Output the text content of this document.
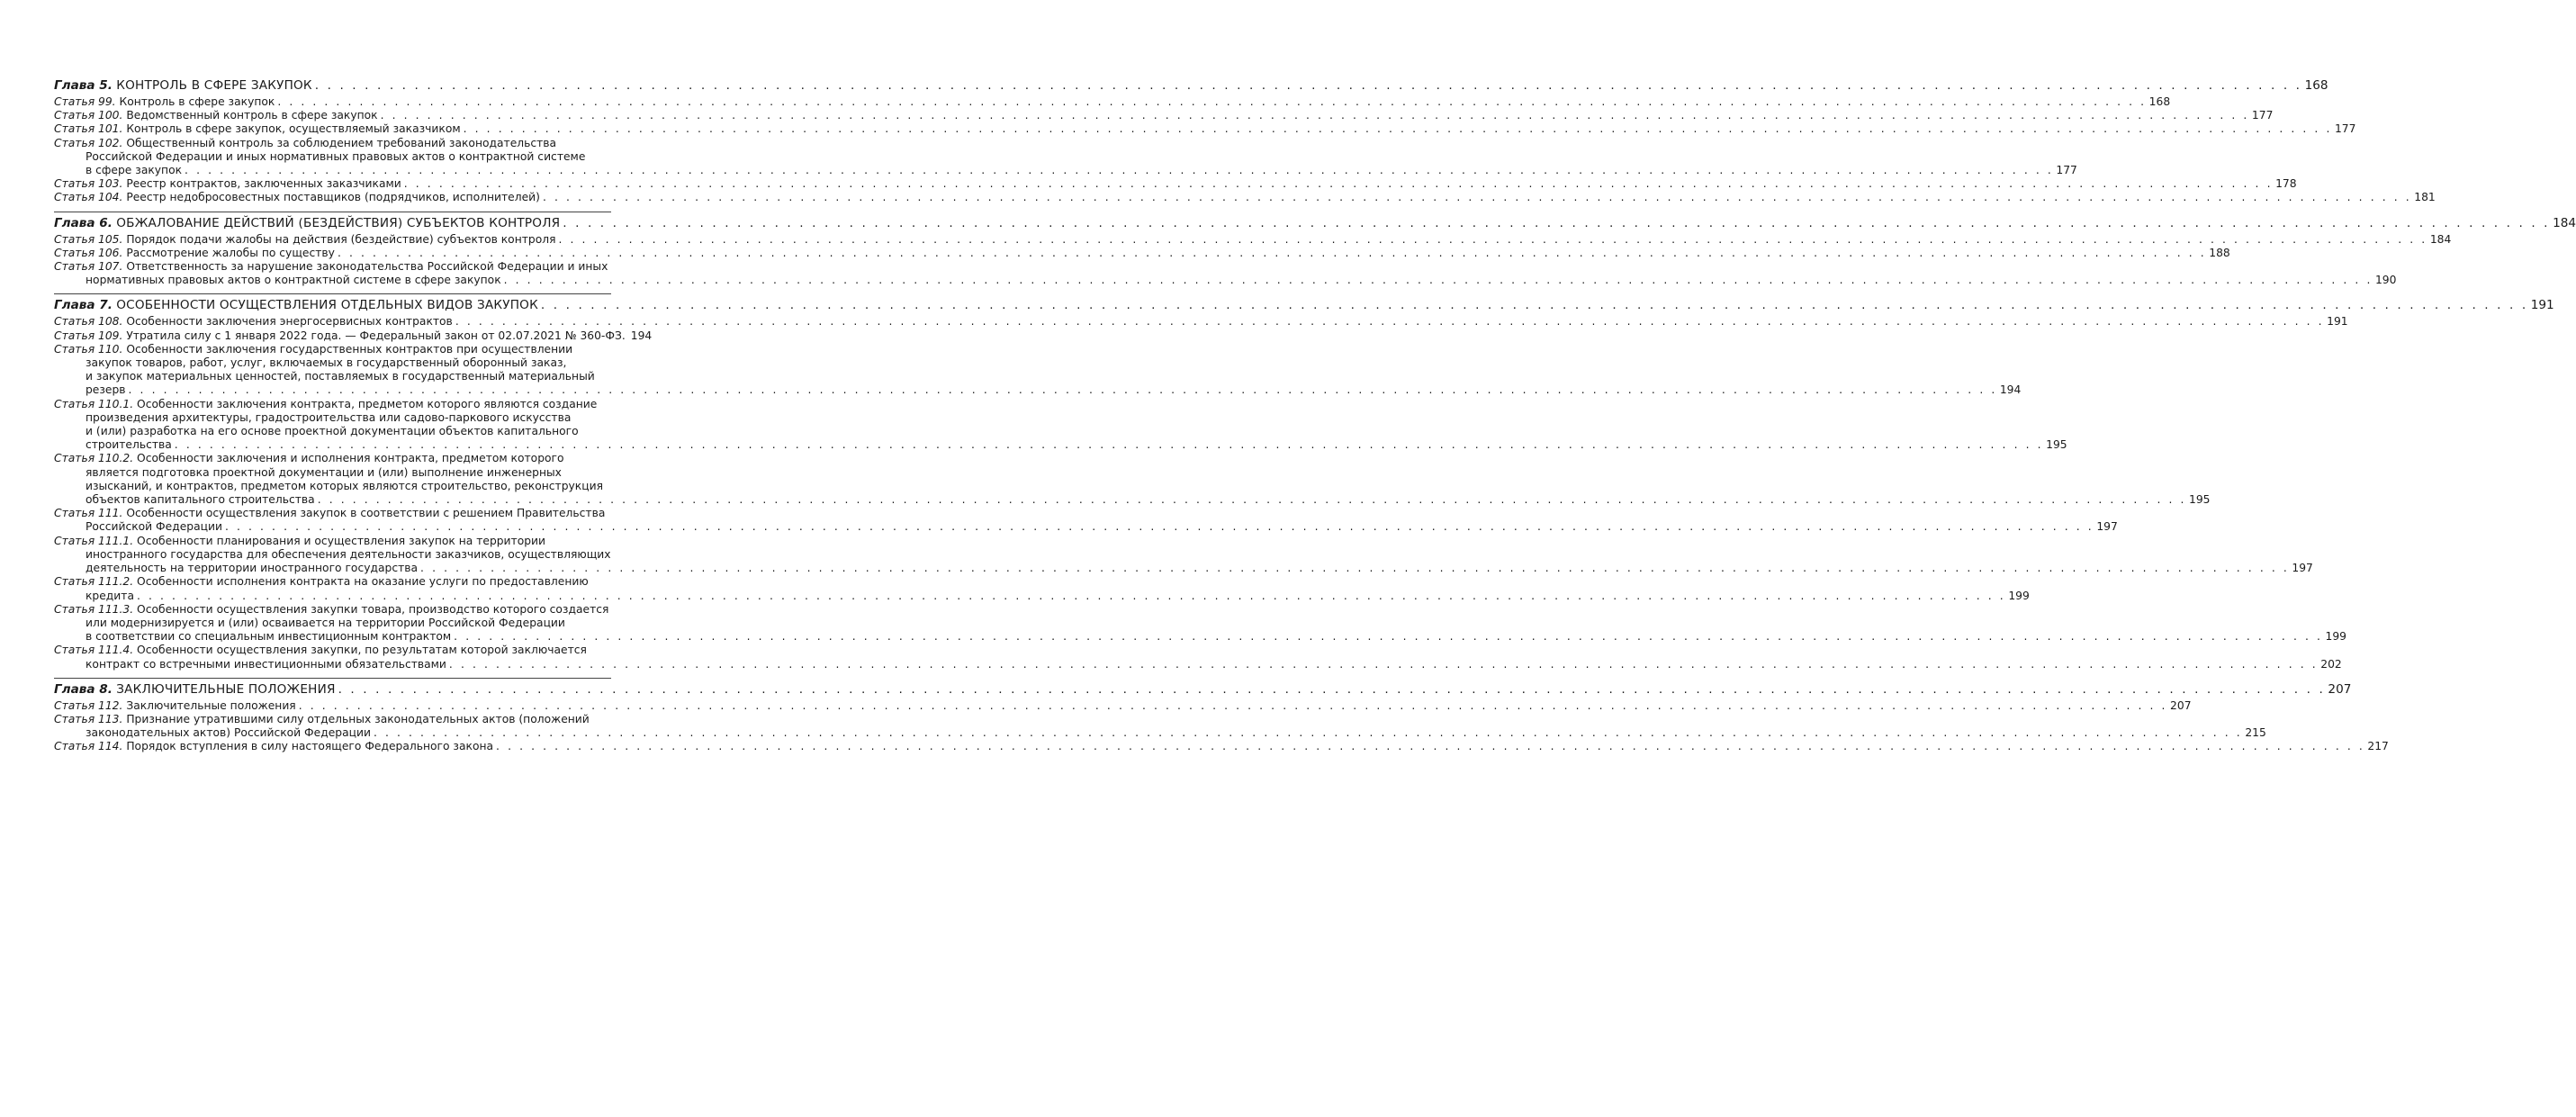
Глава 5.
КОНТРОЛЬ В СФЕРЕ ЗАКУПОК . . . . . . . . . . . . . . . . . . . . . . . . . . . . . . . . . . . . . . . . . . . . . . . . . . . . . . . . . . . . . . . . . . . . . . . . . . . . . . . . . . . . . . . . . . . . . . . . . . . . . . . . . . . . . . . . . . . . . . . . . . . . . . . . . . . . . . . . . . . . . . . . . . . . . . . . . . . . . . . . 168
Статья 99.
Контроль в сфере закупок . . . . . . . . . . . . . . . . . . . . . . . . . . . . . . . . . . . . . . . . . . . . . . . . . . . . . . . . . . . . . . . . . . . . . . . . . . . . . . . . . . . . . . . . . . . . . . . . . . . . . . . . . . . . . . . . . . . . . . . . . . . . . . . . . . . . . . . . . . . . . . . . . . . . . . . . . . . . . . . . 168
Статья 100.
Ведомственный контроль в сфере закупок . . . . . . . . . . . . . . . . . . . . . . . . . . . . . . . . . . . . . . . . . . . . . . . . . . . . . . . . . . . . . . . . . . . . . . . . . . . . . . . . . . . . . . . . . . . . . . . . . . . . . . . . . . . . . . . . . . . . . . . . . . . . . . . . . . . . . . . . . . . . . . . . . . . . . . . . . . . . . . . . 177
Статья 101.
Контроль в сфере закупок, осуществляемый заказчиком . . . . . . . . . . . . . . . . . . . . . . . . . . . . . . . . . . . . . . . . . . . . . . . . . . . . . . . . . . . . . . . . . . . . . . . . . . . . . . . . . . . . . . . . . . . . . . . . . . . . . . . . . . . . . . . . . . . . . . . . . . . . . . . . . . . . . . . . . . . . . . . . . . . . . . . . . . . . . . . . 177
Статья 102.
Общественный контроль за соблюдением требований законодательства
Российской Федерации и иных нормативных правовых актов о контрактной системе
в сфере закупок . . . . . . . . . . . . . . . . . . . . . . . . . . . . . . . . . . . . . . . . . . . . . . . . . . . . . . . . . . . . . . . . . . . . . . . . . . . . . . . . . . . . . . . . . . . . . . . . . . . . . . . . . . . . . . . . . . . . . . . . . . . . . . . . . . . . . . . . . . . . . . . . . . . . . . . . . . . . . . . . 177
Статья 103.
Реестр контрактов, заключенных заказчиками . . . . . . . . . . . . . . . . . . . . . . . . . . . . . . . . . . . . . . . . . . . . . . . . . . . . . . . . . . . . . . . . . . . . . . . . . . . . . . . . . . . . . . . . . . . . . . . . . . . . . . . . . . . . . . . . . . . . . . . . . . . . . . . . . . . . . . . . . . . . . . . . . . . . . . . . . . . . . . . . 178
Статья 104.
Реестр недобросовестных поставщиков (подрядчиков, исполнителей) . . . . . . . . . . . . . . . . . . . . . . . . . . . . . . . . . . . . . . . . . . . . . . . . . . . . . . . . . . . . . . . . . . . . . . . . . . . . . . . . . . . . . . . . . . . . . . . . . . . . . . . . . . . . . . . . . . . . . . . . . . . . . . . . . . . . . . . . . . . . . . . . . . . . . . . . . . . . . . . . 181
Глава 6.
ОБЖАЛОВАНИЕ ДЕЙСТВИЙ (БЕЗДЕЙСТВИЯ) СУБЪЕКТОВ КОНТРОЛЯ . . . . . . . . . . . . . . . . . . . . . . . . . . . . . . . . . . . . . . . . . . . . . . . . . . . . . . . . . . . . . . . . . . . . . . . . . . . . . . . . . . . . . . . . . . . . . . . . . . . . . . . . . . . . . . . . . . . . . . . . . . . . . . . . . . . . . . . . . . . . . . . . . . . . . . . . . . . . . . . . 184
Статья 105.
Порядок подачи жалобы на действия (бездействие) субъектов контроля . . . . . . . . . . . . . . . . . . . . . . . . . . . . . . . . . . . . . . . . . . . . . . . . . . . . . . . . . . . . . . . . . . . . . . . . . . . . . . . . . . . . . . . . . . . . . . . . . . . . . . . . . . . . . . . . . . . . . . . . . . . . . . . . . . . . . . . . . . . . . . . . . . . . . . . . . . . . . . . . 184
Статья 106.
Рассмотрение жалобы по существу . . . . . . . . . . . . . . . . . . . . . . . . . . . . . . . . . . . . . . . . . . . . . . . . . . . . . . . . . . . . . . . . . . . . . . . . . . . . . . . . . . . . . . . . . . . . . . . . . . . . . . . . . . . . . . . . . . . . . . . . . . . . . . . . . . . . . . . . . . . . . . . . . . . . . . . . . . . . . . . . 188
Статья 107.
Ответственность за нарушение законодательства Российской Федерации и иных
нормативных правовых актов о контрактной системе в сфере закупок . . . . . . . . . . . . . . . . . . . . . . . . . . . . . . . . . . . . . . . . . . . . . . . . . . . . . . . . . . . . . . . . . . . . . . . . . . . . . . . . . . . . . . . . . . . . . . . . . . . . . . . . . . . . . . . . . . . . . . . . . . . . . . . . . . . . . . . . . . . . . . . . . . . . . . . . . . . . . . . . 190
Глава 7.
ОСОБЕННОСТИ ОСУЩЕСТВЛЕНИЯ ОТДЕЛЬНЫХ ВИДОВ ЗАКУПОК . . . . . . . . . . . . . . . . . . . . . . . . . . . . . . . . . . . . . . . . . . . . . . . . . . . . . . . . . . . . . . . . . . . . . . . . . . . . . . . . . . . . . . . . . . . . . . . . . . . . . . . . . . . . . . . . . . . . . . . . . . . . . . . . . . . . . . . . . . . . . . . . . . . . . . . . . . . . . . . . 191
Статья 108.
Особенности заключения энергосервисных контрактов . . . . . . . . . . . . . . . . . . . . . . . . . . . . . . . . . . . . . . . . . . . . . . . . . . . . . . . . . . . . . . . . . . . . . . . . . . . . . . . . . . . . . . . . . . . . . . . . . . . . . . . . . . . . . . . . . . . . . . . . . . . . . . . . . . . . . . . . . . . . . . . . . . . . . . . . . . . . . . . . 191
Статья 109.
Утратила силу с 1 января 2022 года. — Федеральный закон от 02.07.2021 № 360-ФЗ. 194
Статья 110.
Особенности заключения государственных контрактов при осуществлении
закупок товаров, работ, услуг, включаемых в государственный оборонный заказ,
и закупок материальных ценностей, поставляемых в государственный материальный
резерв . . . . . . . . . . . . . . . . . . . . . . . . . . . . . . . . . . . . . . . . . . . . . . . . . . . . . . . . . . . . . . . . . . . . . . . . . . . . . . . . . . . . . . . . . . . . . . . . . . . . . . . . . . . . . . . . . . . . . . . . . . . . . . . . . . . . . . . . . . . . . . . . . . . . . . . . . . . . . . . . 194
Статья 110.1.
Особенности заключения контракта, предметом которого являются создание
произведения архитектуры, градостроительства или садово-паркового искусства
и (или) разработка на его основе проектной документации объектов капитального
строительства . . . . . . . . . . . . . . . . . . . . . . . . . . . . . . . . . . . . . . . . . . . . . . . . . . . . . . . . . . . . . . . . . . . . . . . . . . . . . . . . . . . . . . . . . . . . . . . . . . . . . . . . . . . . . . . . . . . . . . . . . . . . . . . . . . . . . . . . . . . . . . . . . . . . . . . . . . . . . . . . 195
Статья 110.2.
Особенности заключения и исполнения контракта, предметом которого
является подготовка проектной документации и (или) выполнение инженерных
изысканий, и контрактов, предметом которых являются строительство, реконструкция
объектов капитального строительства . . . . . . . . . . . . . . . . . . . . . . . . . . . . . . . . . . . . . . . . . . . . . . . . . . . . . . . . . . . . . . . . . . . . . . . . . . . . . . . . . . . . . . . . . . . . . . . . . . . . . . . . . . . . . . . . . . . . . . . . . . . . . . . . . . . . . . . . . . . . . . . . . . . . . . . . . . . . . . . . 195
Статья 111.
Особенности осуществления закупок в соответствии с решением Правительства
Российской Федерации . . . . . . . . . . . . . . . . . . . . . . . . . . . . . . . . . . . . . . . . . . . . . . . . . . . . . . . . . . . . . . . . . . . . . . . . . . . . . . . . . . . . . . . . . . . . . . . . . . . . . . . . . . . . . . . . . . . . . . . . . . . . . . . . . . . . . . . . . . . . . . . . . . . . . . . . . . . . . . . . 197
Статья 111.1.
Особенности планирования и осуществления закупок на территории
иностранного государства для обеспечения деятельности заказчиков, осуществляющих
деятельность на территории иностранного государства . . . . . . . . . . . . . . . . . . . . . . . . . . . . . . . . . . . . . . . . . . . . . . . . . . . . . . . . . . . . . . . . . . . . . . . . . . . . . . . . . . . . . . . . . . . . . . . . . . . . . . . . . . . . . . . . . . . . . . . . . . . . . . . . . . . . . . . . . . . . . . . . . . . . . . . . . . . . . . . . 197
Статья 111.2.
Особенности исполнения контракта на оказание услуги по предоставлению
кредита . . . . . . . . . . . . . . . . . . . . . . . . . . . . . . . . . . . . . . . . . . . . . . . . . . . . . . . . . . . . . . . . . . . . . . . . . . . . . . . . . . . . . . . . . . . . . . . . . . . . . . . . . . . . . . . . . . . . . . . . . . . . . . . . . . . . . . . . . . . . . . . . . . . . . . . . . . . . . . . . 199
Статья 111.3.
Особенности осуществления закупки товара, производство которого создается
или модернизируется и (или) осваивается на территории Российской Федерации
в соответствии со специальным инвестиционным контрактом . . . . . . . . . . . . . . . . . . . . . . . . . . . . . . . . . . . . . . . . . . . . . . . . . . . . . . . . . . . . . . . . . . . . . . . . . . . . . . . . . . . . . . . . . . . . . . . . . . . . . . . . . . . . . . . . . . . . . . . . . . . . . . . . . . . . . . . . . . . . . . . . . . . . . . . . . . . . . . . . 199
Статья 111.4.
Особенности осуществления закупки, по результатам которой заключается
контракт со встречными инвестиционными обязательствами . . . . . . . . . . . . . . . . . . . . . . . . . . . . . . . . . . . . . . . . . . . . . . . . . . . . . . . . . . . . . . . . . . . . . . . . . . . . . . . . . . . . . . . . . . . . . . . . . . . . . . . . . . . . . . . . . . . . . . . . . . . . . . . . . . . . . . . . . . . . . . . . . . . . . . . . . . . . . . . . 202
Глава 8.
ЗАКЛЮЧИТЕЛЬНЫЕ ПОЛОЖЕНИЯ . . . . . . . . . . . . . . . . . . . . . . . . . . . . . . . . . . . . . . . . . . . . . . . . . . . . . . . . . . . . . . . . . . . . . . . . . . . . . . . . . . . . . . . . . . . . . . . . . . . . . . . . . . . . . . . . . . . . . . . . . . . . . . . . . . . . . . . . . . . . . . . . . . . . . . . . . . . . . . . . 207
Статья 112.
Заключительные положения . . . . . . . . . . . . . . . . . . . . . . . . . . . . . . . . . . . . . . . . . . . . . . . . . . . . . . . . . . . . . . . . . . . . . . . . . . . . . . . . . . . . . . . . . . . . . . . . . . . . . . . . . . . . . . . . . . . . . . . . . . . . . . . . . . . . . . . . . . . . . . . . . . . . . . . . . . . . . . . . 207
Статья 113.
Признание утратившими силу отдельных законодательных актов (положений
законодательных актов) Российской Федерации . . . . . . . . . . . . . . . . . . . . . . . . . . . . . . . . . . . . . . . . . . . . . . . . . . . . . . . . . . . . . . . . . . . . . . . . . . . . . . . . . . . . . . . . . . . . . . . . . . . . . . . . . . . . . . . . . . . . . . . . . . . . . . . . . . . . . . . . . . . . . . . . . . . . . . . . . . . . . . . . 215
Статья 114.
Порядок вступления в силу настоящего Федерального закона . . . . . . . . . . . . . . . . . . . . . . . . . . . . . . . . . . . . . . . . . . . . . . . . . . . . . . . . . . . . . . . . . . . . . . . . . . . . . . . . . . . . . . . . . . . . . . . . . . . . . . . . . . . . . . . . . . . . . . . . . . . . . . . . . . . . . . . . . . . . . . . . . . . . . . . . . . . . . . . . 217
